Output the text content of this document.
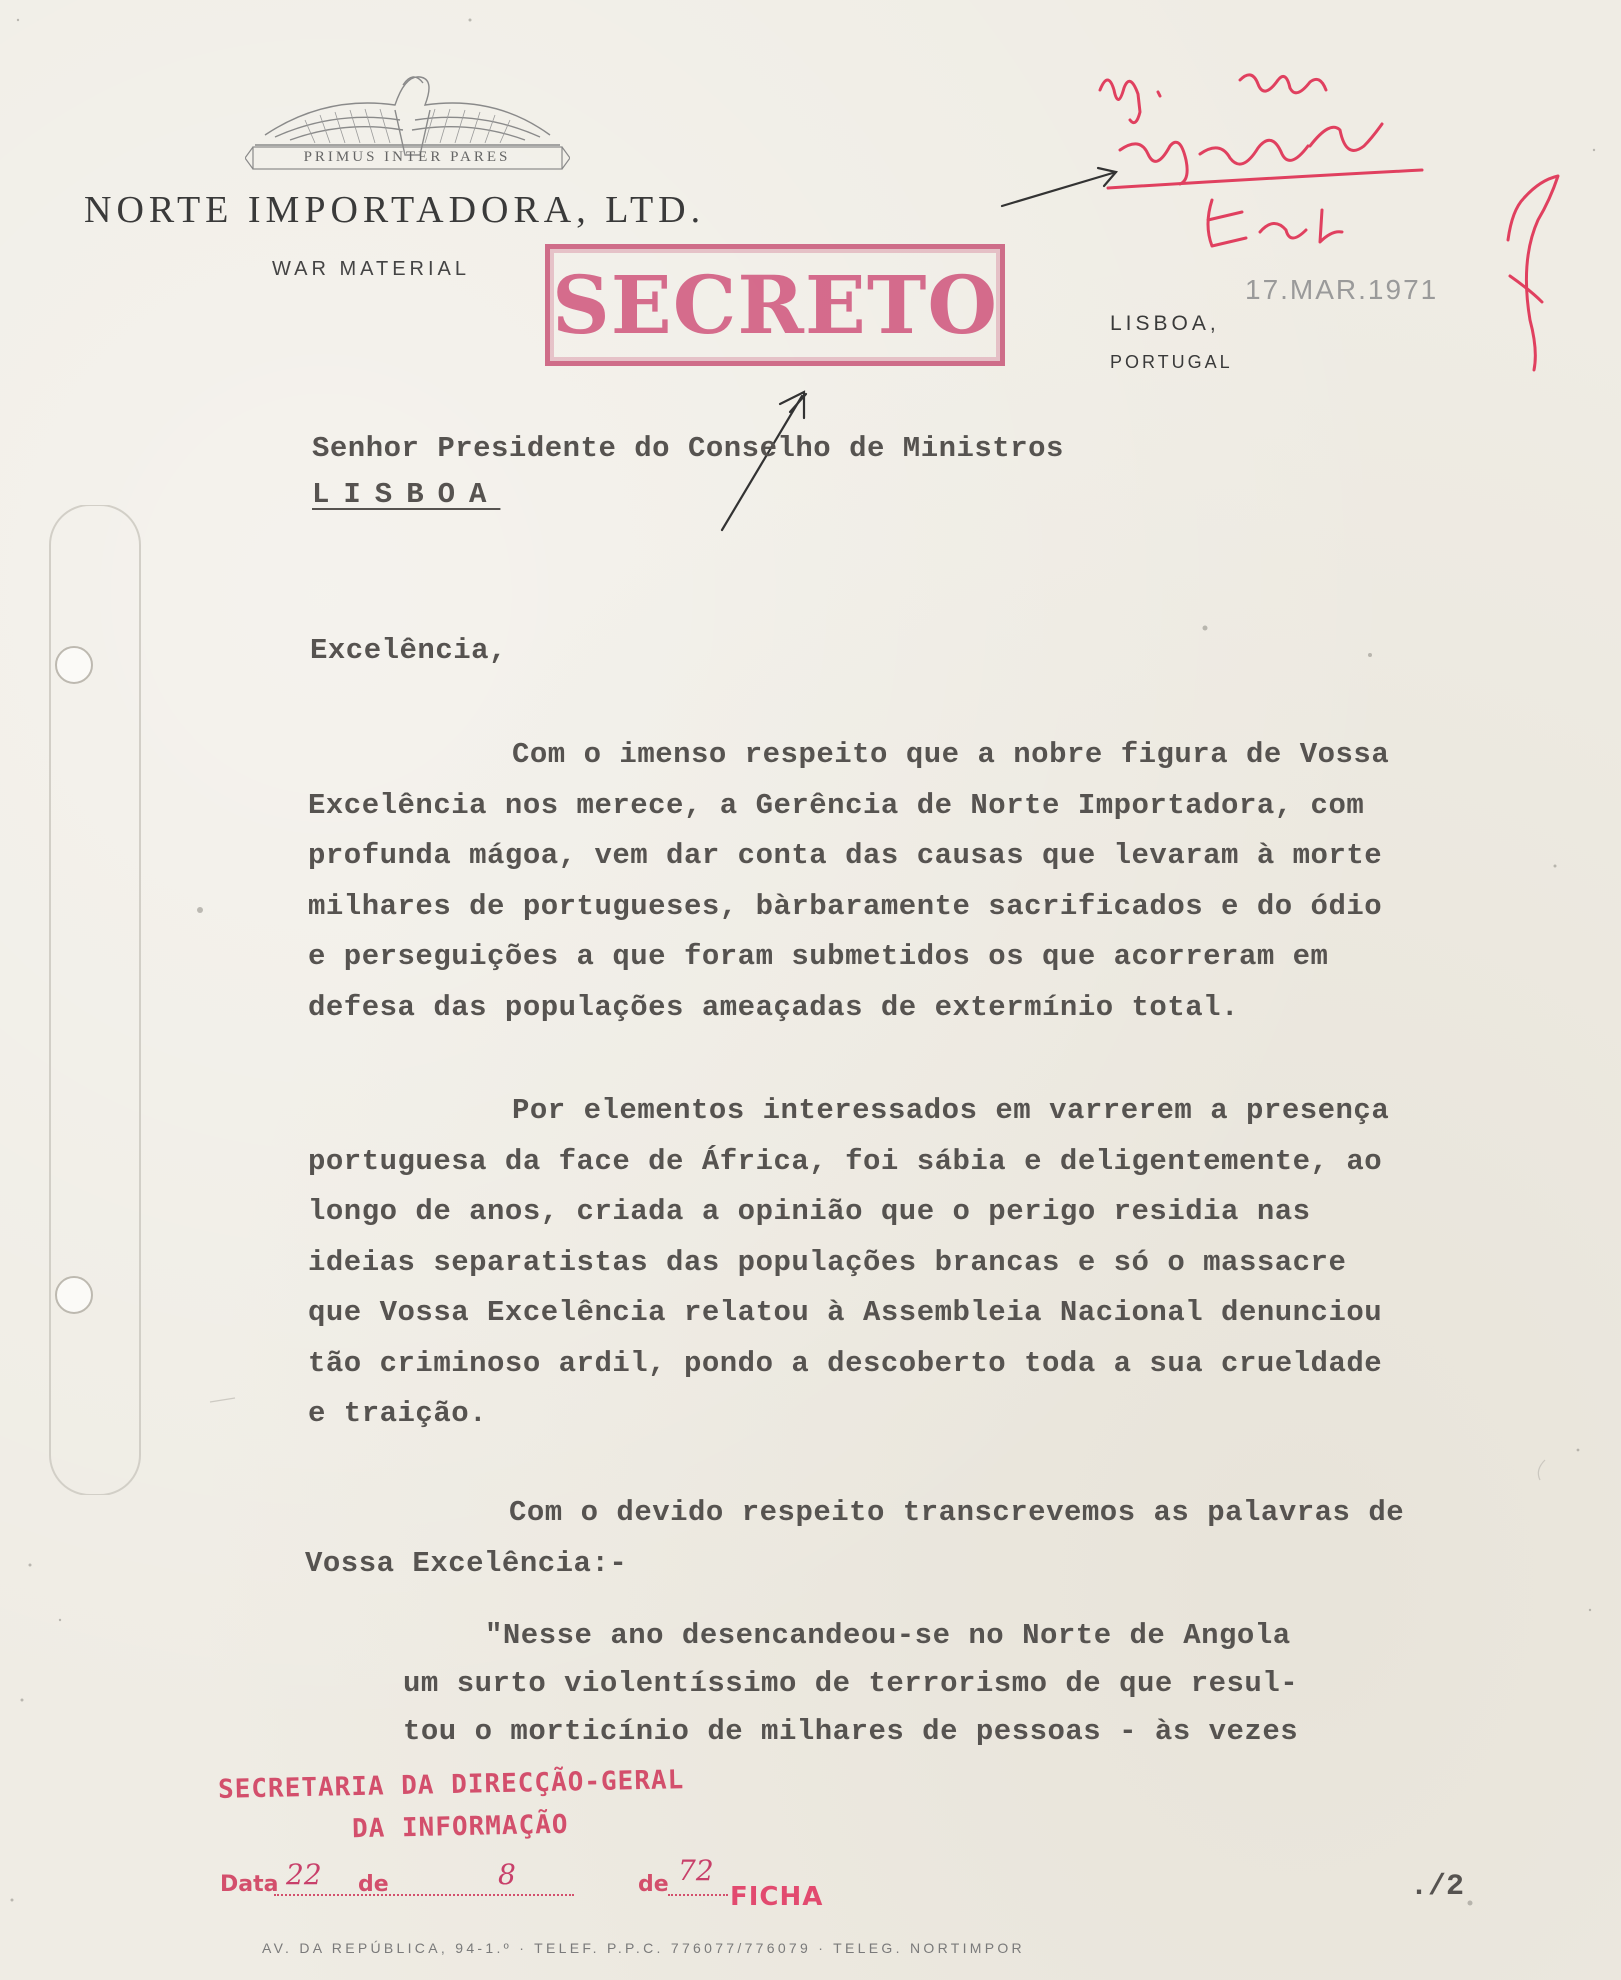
PRIMUS INTER PARES
NORTE IMPORTADORA, LTD.
WAR MATERIAL SECRETO	17.MAR.1971
LISBOA,
PORTUGAL
Senhor Presidente do Conselho de Ministros
LISBOA
Excelência,

Com o imenso respeito que a nobre figura de Vossa

Excelência nos merece, a Gerência de Norte Importadora, com

profunda mágoa, vem dar conta das causas que levaram à morte

milhares de portugueses, bàrbaramente sacrificados e do ódio

e perseguições a que foram submetidos os que acorreram em

defesa das populações ameaçadas de extermínio total.

Por elementos interessados em varrerem a presença

portuguesa da face de África, foi sábia e deligentemente, ao

longo de anos, criada a opinião que o perigo residia nas

ideias separatistas das populações brancas e só o massacre

que Vossa Excelência relatou à Assembleia Nacional denunciou

tão criminoso ardil, pondo a descoberto toda a sua crueldade

e traição.

Com o devido respeito transcrevemos as palavras de

Vossa Excelência:-

"Nesse ano desencandeou-se no Norte de Angola

um surto violentíssimo de terrorismo de que resul-

tou o morticínio de milhares de pessoas - às vezes

SECRETARIA DA DIRECÇÃO-GERAL
DA INFORMAÇÃO
Data 22 de	8	de 72
FICHA	./2
AV. DA REPÚBLICA, 94-1.º · TELEF. P.P.C. 776077/776079 · TELEG. NORTIMPOR
